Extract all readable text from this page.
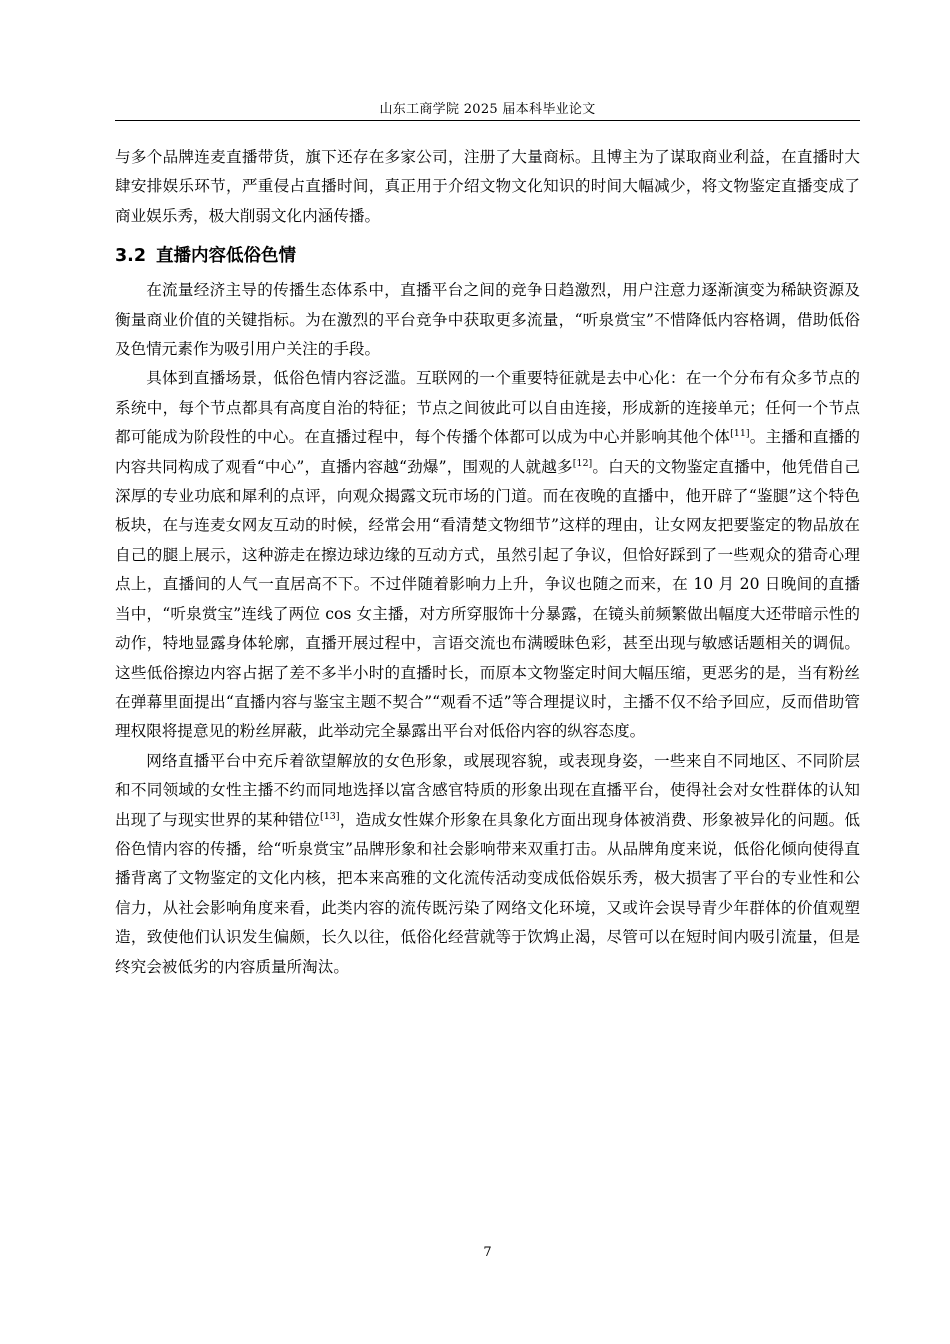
山东工商学院 2025 届本科毕业论文

与多个品牌连麦直播带货，旗下还存在多家公司，注册了大量商标。且博主为了谋取商业利益，在直播时大肆安排娱乐环节，严重侵占直播时间，真正用于介绍文物文化知识的时间大幅减少，将文物鉴定直播变成了商业娱乐秀，极大削弱文化内涵传播。

3.2 直播内容低俗色情

在流量经济主导的传播生态体系中，直播平台之间的竞争日趋激烈，用户注意力逐渐演变为稀缺资源及衡量商业价值的关键指标。为在激烈的平台竞争中获取更多流量，“听泉赏宝”不惜降低内容格调，借助低俗及色情元素作为吸引用户关注的手段。

具体到直播场景，低俗色情内容泛滥。互联网的一个重要特征就是去中心化：在一个分布有众多节点的系统中，每个节点都具有高度自治的特征；节点之间彼此可以自由连接，形成新的连接单元；任何一个节点都可能成为阶段性的中心。在直播过程中，每个传播个体都可以成为中心并影响其他个体[11]。主播和直播的内容共同构成了观看“中心”，直播内容越“劲爆”，围观的人就越多[12]。白天的文物鉴定直播中，他凭借自己深厚的专业功底和犀利的点评，向观众揭露文玩市场的门道。而在夜晚的直播中，他开辟了“鉴腿”这个特色板块，在与连麦女网友互动的时候，经常会用“看清楚文物细节”这样的理由，让女网友把要鉴定的物品放在自己的腿上展示，这种游走在擦边球边缘的互动方式，虽然引起了争议，但恰好踩到了一些观众的猎奇心理点上，直播间的人气一直居高不下。不过伴随着影响力上升，争议也随之而来，在 10 月 20 日晚间的直播当中，“听泉赏宝”连线了两位 cos 女主播，对方所穿服饰十分暴露，在镜头前频繁做出幅度大还带暗示性的动作，特地显露身体轮廓，直播开展过程中，言语交流也布满暧昧色彩，甚至出现与敏感话题相关的调侃。这些低俗擦边内容占据了差不多半小时的直播时长，而原本文物鉴定时间大幅压缩，更恶劣的是，当有粉丝在弹幕里面提出“直播内容与鉴宝主题不契合”“观看不适”等合理提议时，主播不仅不给予回应，反而借助管理权限将提意见的粉丝屏蔽，此举动完全暴露出平台对低俗内容的纵容态度。

网络直播平台中充斥着欲望解放的女色形象，或展现容貌，或表现身姿，一些来自不同地区、不同阶层和不同领域的女性主播不约而同地选择以富含感官特质的形象出现在直播平台，使得社会对女性群体的认知出现了与现实世界的某种错位[13]，造成女性媒介形象在具象化方面出现身体被消费、形象被异化的问题。低俗色情内容的传播，给“听泉赏宝”品牌形象和社会影响带来双重打击。从品牌角度来说，低俗化倾向使得直播背离了文物鉴定的文化内核，把本来高雅的文化流传活动变成低俗娱乐秀，极大损害了平台的专业性和公信力，从社会影响角度来看，此类内容的流传既污染了网络文化环境，又或许会误导青少年群体的价值观塑造，致使他们认识发生偏颇，长久以往，低俗化经营就等于饮鸩止渴，尽管可以在短时间内吸引流量，但是终究会被低劣的内容质量所淘汰。

7
